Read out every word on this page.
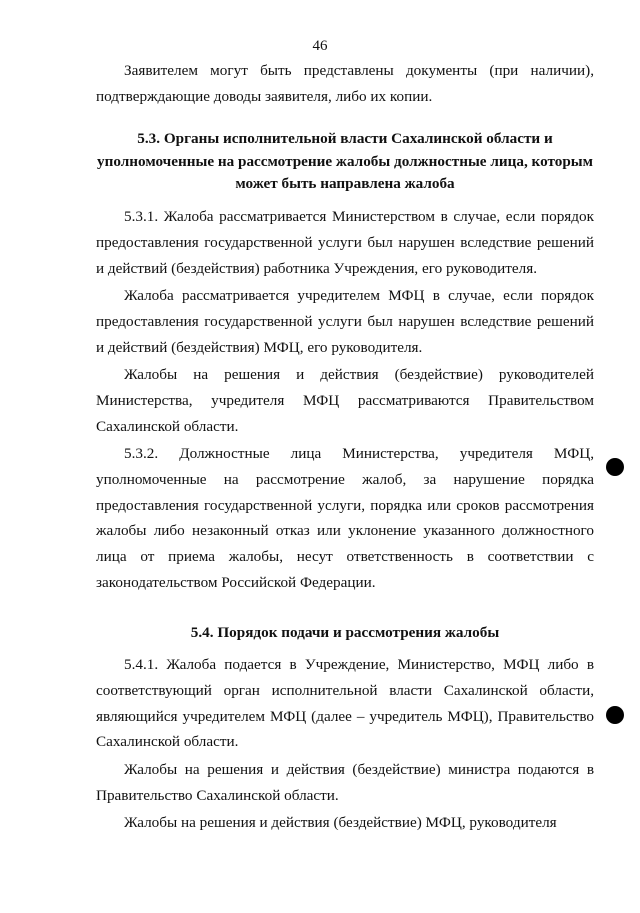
46
Заявителем могут быть представлены документы (при наличии), подтверждающие доводы заявителя, либо их копии.
5.3. Органы исполнительной власти Сахалинской области и уполномоченные на рассмотрение жалобы должностные лица, которым может быть направлена жалоба
5.3.1. Жалоба рассматривается Министерством в случае, если порядок предоставления государственной услуги был нарушен вследствие решений и действий (бездействия) работника Учреждения, его руководителя.
Жалоба рассматривается учредителем МФЦ в случае, если порядок предоставления государственной услуги был нарушен вследствие решений и действий (бездействия) МФЦ, его руководителя.
Жалобы на решения и действия (бездействие) руководителей Министерства, учредителя МФЦ рассматриваются Правительством Сахалинской области.
5.3.2. Должностные лица Министерства, учредителя МФЦ, уполномоченные на рассмотрение жалоб, за нарушение порядка предоставления государственной услуги, порядка или сроков рассмотрения жалобы либо незаконный отказ или уклонение указанного должностного лица от приема жалобы, несут ответственность в соответствии с законодательством Российской Федерации.
5.4. Порядок подачи и рассмотрения жалобы
5.4.1. Жалоба подается в Учреждение, Министерство, МФЦ либо в соответствующий орган исполнительной власти Сахалинской области, являющийся учредителем МФЦ (далее – учредитель МФЦ), Правительство Сахалинской области.
Жалобы на решения и действия (бездействие) министра подаются в Правительство Сахалинской области.
Жалобы на решения и действия (бездействие) МФЦ, руководителя
